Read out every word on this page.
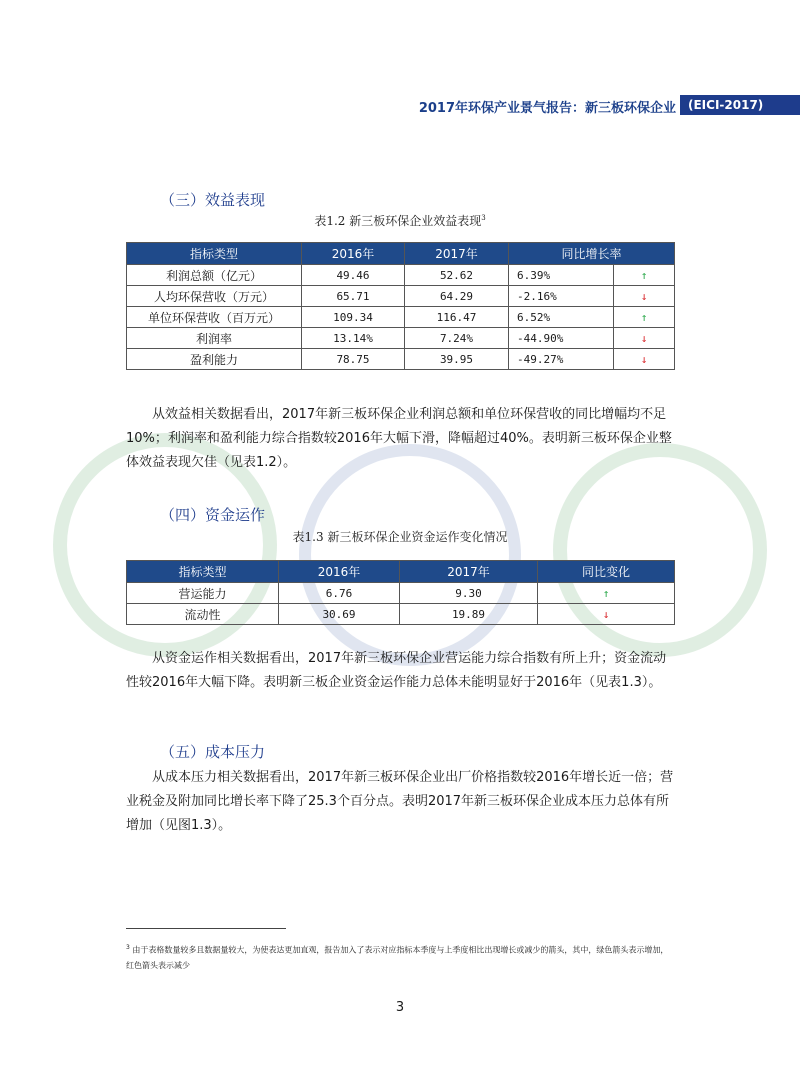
2017年环保产业景气报告：新三板环保企业	(EICI-2017)
（三）效益表现
表1.2 新三板环保企业效益表现$^3$
指标类型	2016年	2017年	同比增长率	
利润总额（亿元）	49.46	52.62	6.39%	↑
人均环保营收（万元）	65.71	64.29	-2.16%	↓
单位环保营收（百万元）	109.34	116.47	6.52%	↑
利润率	13.14%	7.24%	-44.90%	↓
盈利能力	78.75	39.95	-49.27%	↓

从效益相关数据看出，2017年新三板环保企业利润总额和单位环保营收的同比增幅均不足10%；利润率和盈利能力综合指数较2016年大幅下滑，降幅超过40%。表明新三板环保企业整体效益表现欠佳（见表1.2）。

（四）资金运作
表1.3 新三板环保企业资金运作变化情况
指标类型	2016年	2017年	同比变化
营运能力	6.76	9.30	↑
流动性	30.69	19.89	↓

从资金运作相关数据看出，2017年新三板环保企业营运能力综合指数有所上升；资金流动性较2016年大幅下降。表明新三板企业资金运作能力总体未能明显好于2016年（见表1.3）。

（五）成本压力

从成本压力相关数据看出，2017年新三板环保企业出厂价格指数较2016年增长近一倍；营业税金及附加同比增长率下降了25.3个百分点。表明2017年新三板环保企业成本压力总体有所增加（见图1.3）。

$^3$ 由于表格数量较多且数据量较大，为使表达更加直观，报告加入了表示对应指标本季度与上季度相比出现增长或减少的箭头，其中，绿色箭头表示增加，红色箭头表示减少
3
